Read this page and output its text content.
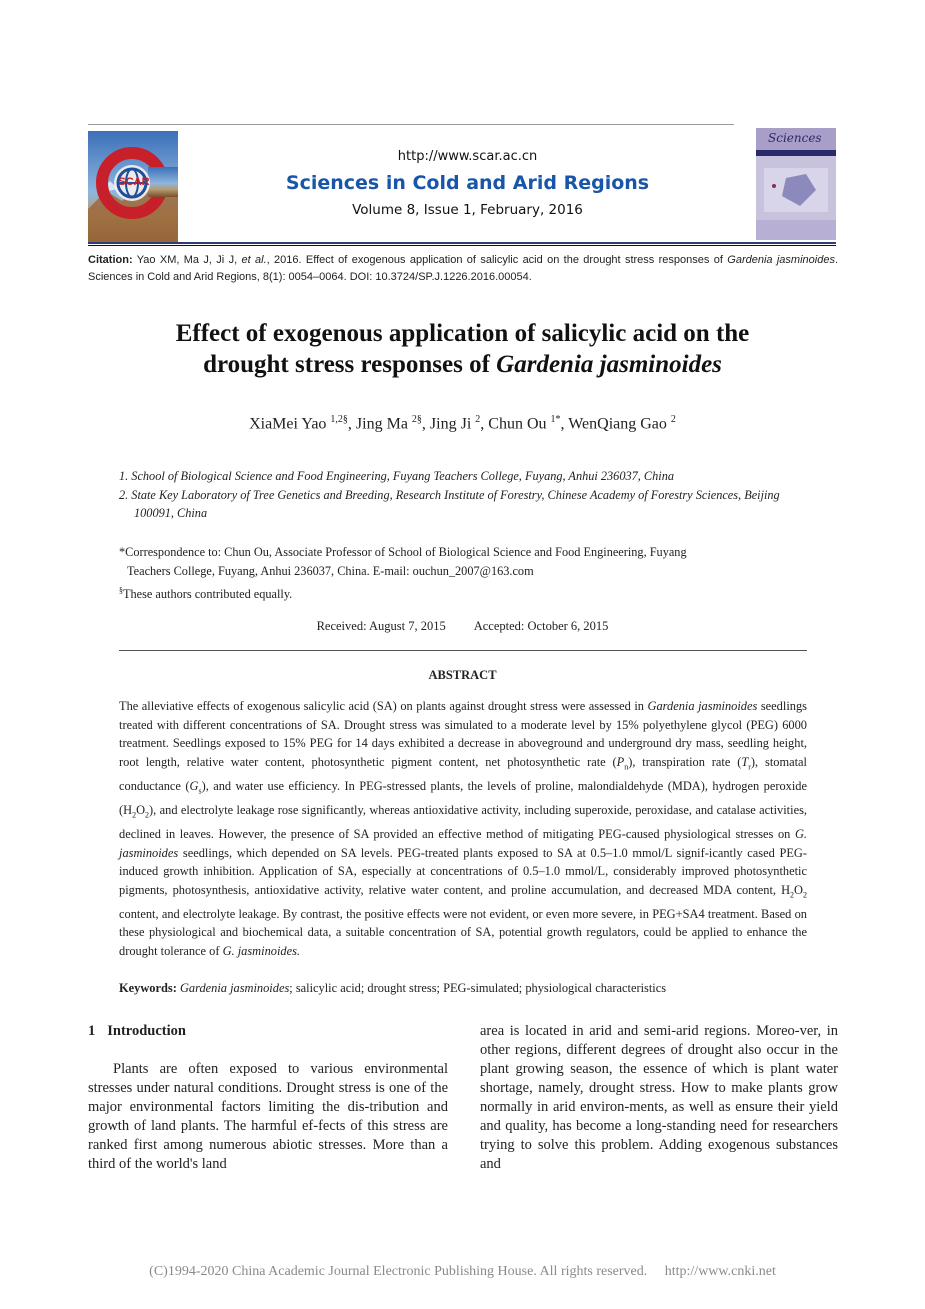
SCAR
http://www.scar.ac.cn
Sciences in Cold and Arid Regions
Volume 8, Issue 1, February, 2016
Sciences
Citation: Yao XM, Ma J, Ji J, et al., 2016. Effect of exogenous application of salicylic acid on the drought stress responses of Gardenia jasminoides. Sciences in Cold and Arid Regions, 8(1): 0054–0064. DOI: 10.3724/SP.J.1226.2016.00054.
Effect of exogenous application of salicylic acid on the
drought stress responses of Gardenia jasminoides
XiaMei Yao $^{1,2\S}$, Jing Ma $^{2\S}$, Jing Ji $^2$, Chun Ou $^{1*}$, WenQiang Gao $^2$
1. School of Biological Science and Food Engineering, Fuyang Teachers College, Fuyang, Anhui 236037, China
2. State Key Laboratory of Tree Genetics and Breeding, Research Institute of Forestry, Chinese Academy of Forestry Sciences, Beijing 100091, China
*Correspondence to: Chun Ou, Associate Professor of School of Biological Science and Food Engineering, Fuyang
Teachers College, Fuyang, Anhui 236037, China. E-mail: ouchun_2007@163.com
§These authors contributed equally.
Received: August 7, 2015 Accepted: October 6, 2015
ABSTRACT
The alleviative effects of exogenous salicylic acid (SA) on plants against drought stress were assessed in Gardenia jasminoides seedlings treated with different concentrations of SA. Drought stress was simulated to a moderate level by 15% polyethylene glycol (PEG) 6000 treatment. Seedlings exposed to 15% PEG for 14 days exhibited a decrease in aboveground and underground dry mass, seedling height, root length, relative water content, photosynthetic pigment content, net photosynthetic rate $(P_n)$, transpiration rate $(T_r)$, stomatal conductance $(G_s)$, and water use efficiency. In PEG-stressed plants, the levels of proline, malondialdehyde (MDA), hydrogen peroxide $(H_2O_2)$, and electrolyte leakage rose significantly, whereas antioxidative activity, including superoxide, peroxidase, and catalase activities, declined in leaves. However, the presence of SA provided an effective method of mitigating PEG-caused physiological stresses on G. jasminoides seedlings, which depended on SA levels. PEG-treated plants exposed to SA at 0.5–1.0 mmol/L signif-icantly cased PEG-induced growth inhibition. Application of SA, especially at concentrations of 0.5–1.0 mmol/L, considerably improved photosynthetic pigments, photosynthesis, antioxidative activity, relative water content, and proline accumulation, and decreased MDA content, $H_2O_2$ content, and electrolyte leakage. By contrast, the positive effects were not evident, or even more severe, in PEG+SA4 treatment. Based on these physiological and biochemical data, a suitable concentration of SA, potential growth regulators, could be applied to enhance the drought tolerance of G. jasminoides.
Keywords: Gardenia jasminoides; salicylic acid; drought stress; PEG-simulated; physiological characteristics
1 Introduction
Plants are often exposed to various environmental stresses under natural conditions. Drought stress is one of the major environmental factors limiting the dis-tribution and growth of land plants. The harmful ef-fects of this stress are ranked first among numerous abiotic stresses. More than a third of the world's land
area is located in arid and semi-arid regions. Moreo-ver, in other regions, different degrees of drought also occur in the plant growing season, the essence of which is plant water shortage, namely, drought stress. How to make plants grow normally in arid environ-ments, as well as ensure their yield and quality, has become a long-standing need for researchers trying to solve this problem. Adding exogenous substances and
(C)1994-2020 China Academic Journal Electronic Publishing House. All rights reserved. http://www.cnki.net
